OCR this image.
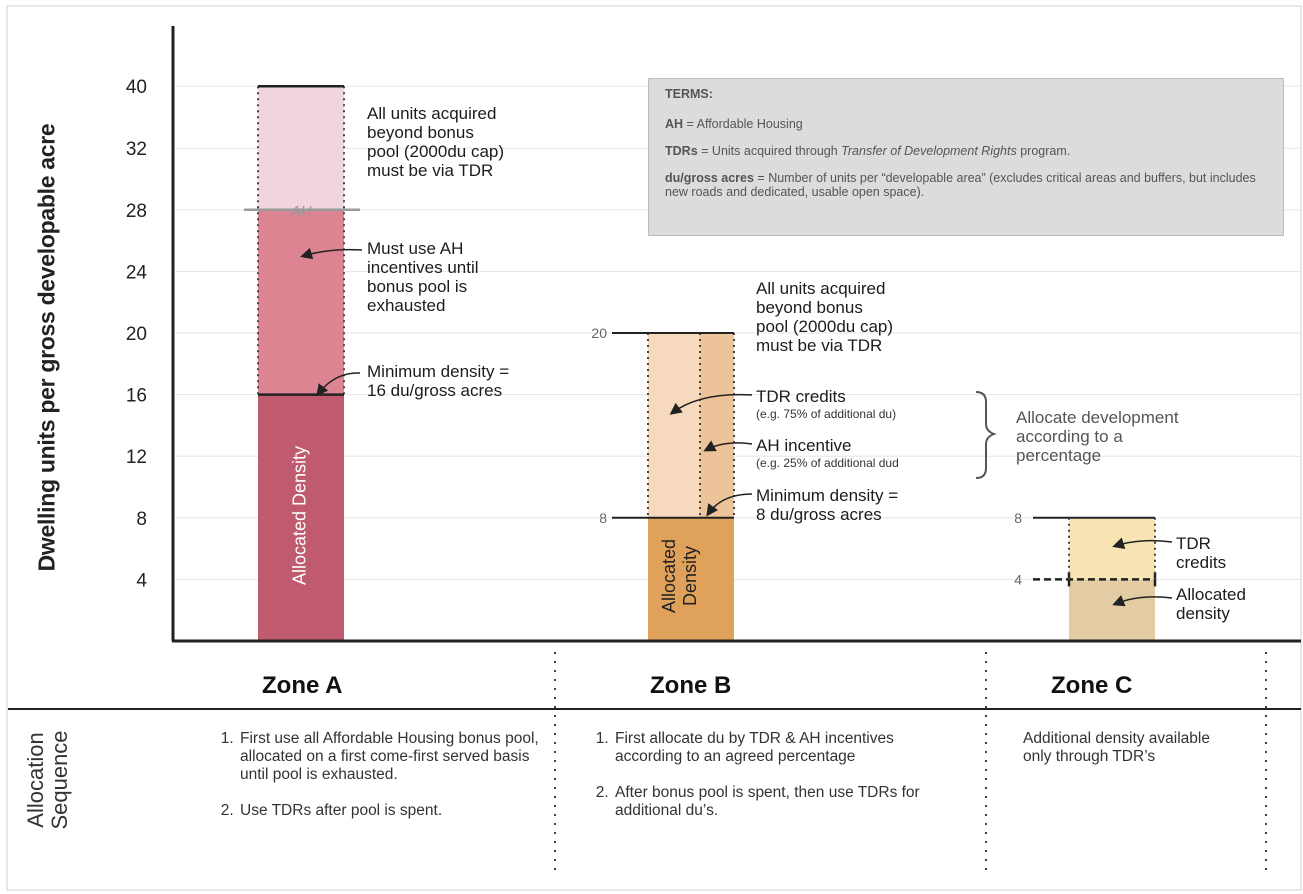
4
8
12
16
20
24
28
32
40
20
8	8
4
AH
Dwelling units per gross developable acre	Allocated Density	Allocated Density
All units acquired
beyond bonus
pool (2000du cap)
must be via TDR
Must use AH
incentives until
bonus pool is
exhausted
Minimum density =
16 du/gross acres
All units acquired
beyond bonus
pool (2000du cap)
must be via TDR
TDR credits
(e.g. 75% of additional du)
AH incentive
(e.g. 25% of additional dud
Minimum density =
8 du/gross acres
Allocate development
according to a
percentage
TDR
credits
Allocated
density
TERMS:

AH = Affordable Housing

TDRs = Units acquired through Transfer of Development Rights program.

du/gross acres = Number of units per “developable area” (excludes critical areas and buffers, but includes new roads and dedicated, usable open space).

Zone A	Zone B	Zone C
Allocation Sequence	1. First use all Affordable Housing bonus pool, allocated on a first come-first served basis until pool is exhausted.
2. Use TDRs after pool is spent.
1. First allocate du by TDR & AH incentives according to an agreed percentage
2. After bonus pool is spent, then use TDRs for additional du’s.
Additional density available only through TDR’s
